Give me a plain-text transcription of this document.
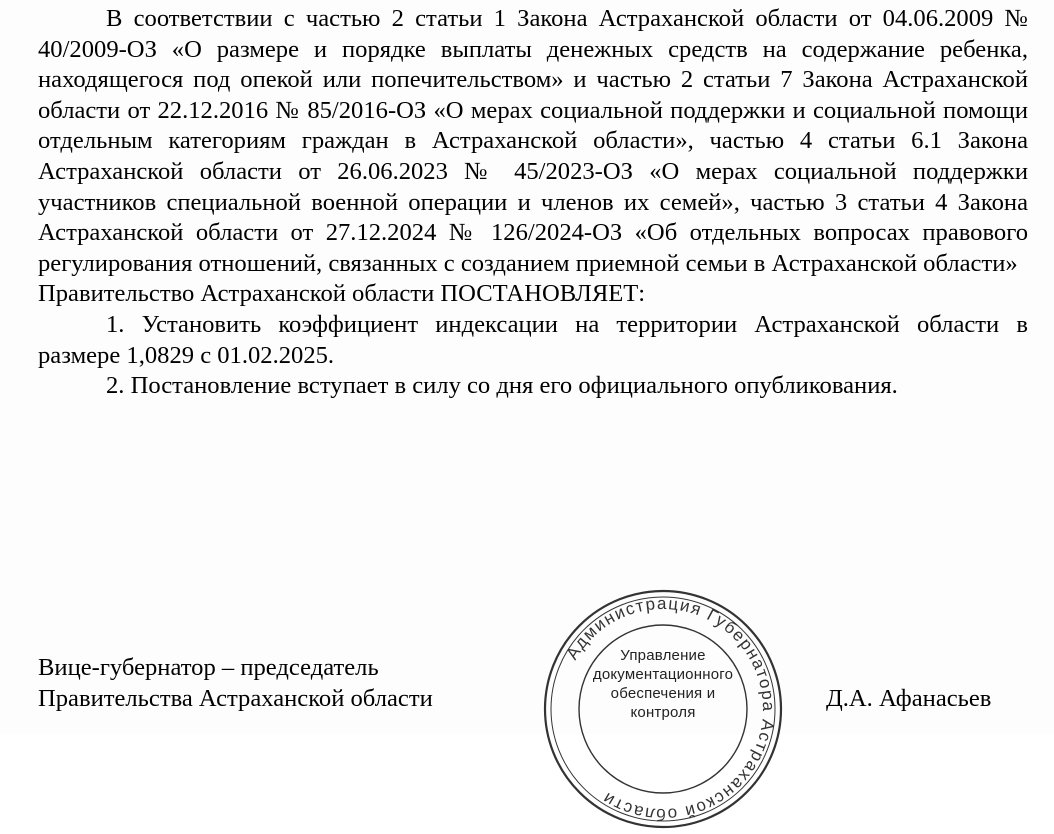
В соответствии с частью 2 статьи 1 Закона Астраханской области от 04.06.2009 № 40/2009-ОЗ «О размере и порядке выплаты денежных средств на содержание ребенка, находящегося под опекой или попечительством» и частью 2 статьи 7 Закона Астраханской области от 22.12.2016 № 85/2016-ОЗ «О мерах социальной поддержки и социальной помощи отдельным категориям граждан в Астраханской области», частью 4 статьи 6.1 Закона Астраханской области от 26.06.2023 № 45/2023-ОЗ «О мерах социальной поддержки участников специальной военной операции и членов их семей», частью 3 статьи 4 Закона Астраханской области от 27.12.2024 № 126/2024-ОЗ «Об отдельных вопросах правового регулирования отношений, связанных с созданием приемной семьи в Астраханской области»

Правительство Астраханской области ПОСТАНОВЛЯЕТ:

1. Установить коэффициент индексации на территории Астраханской области в размере 1,0829 с 01.02.2025.

2. Постановление вступает в силу со дня его официального опубликования.

Вице-губернатор – председатель
Правительства Астраханской области
Администрация Губернатора Астраханской области
Управление документационного обеспечения и контроля
Д.А. Афанасьев
